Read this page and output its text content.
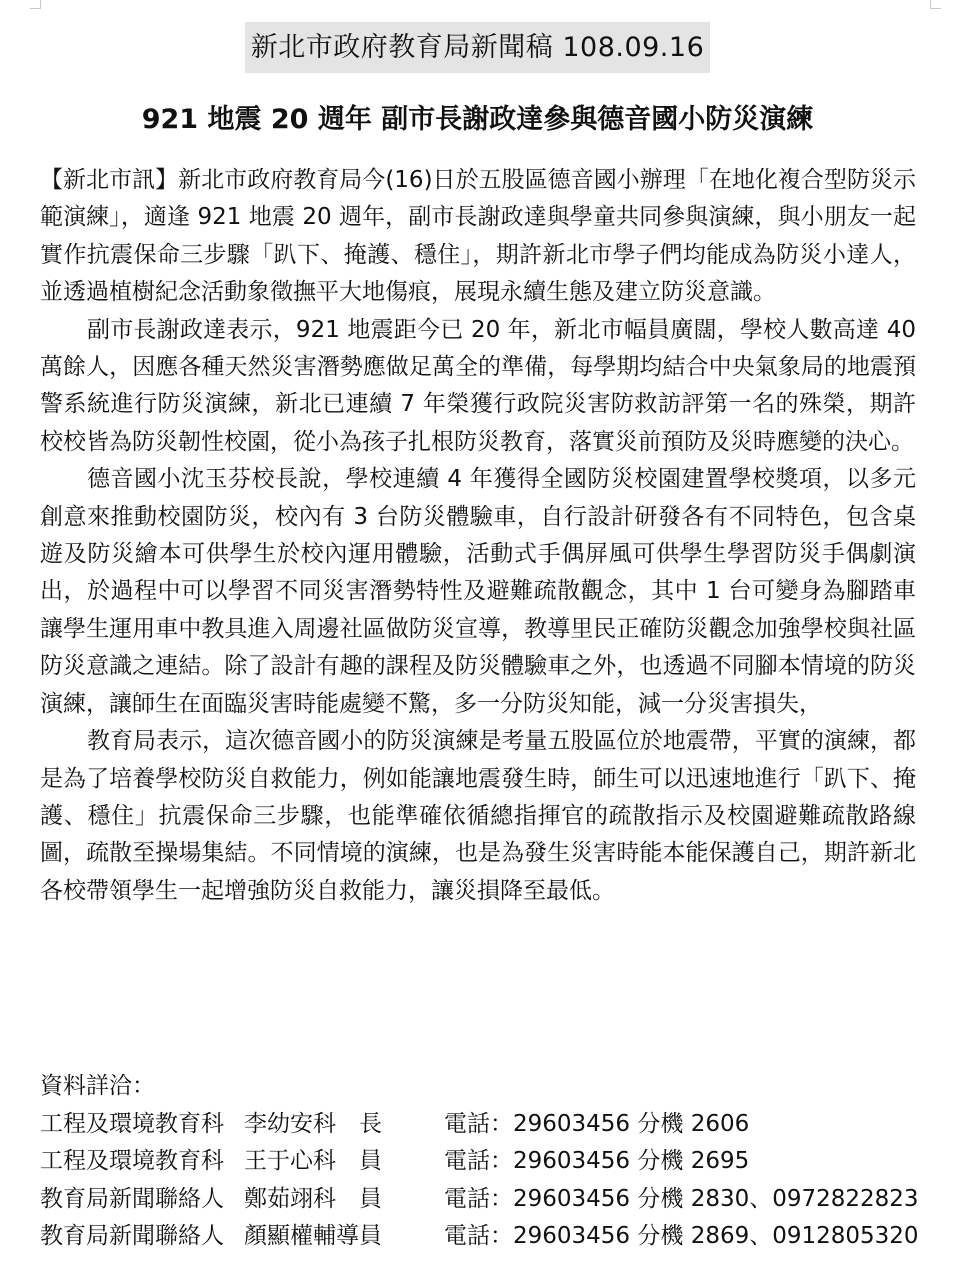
新北市政府教育局新聞稿 108.09.16
921 地震 20 週年 副市長謝政達參與德音國小防災演練

【新北市訊】新北市政府教育局今(16)日於五股區德音國小辦理「在地化複合型防災示範演練」，適逢 921 地震 20 週年，副市長謝政達與學童共同參與演練，與小朋友一起實作抗震保命三步驟「趴下、掩護、穩住」，期許新北市學子們均能成為防災小達人，並透過植樹紀念活動象徵撫平大地傷痕，展現永續生態及建立防災意識。

副市長謝政達表示，921 地震距今已 20 年，新北市幅員廣闊，學校人數高達 40 萬餘人，因應各種天然災害潛勢應做足萬全的準備，每學期均結合中央氣象局的地震預警系統進行防災演練，新北已連續 7 年榮獲行政院災害防救訪評第一名的殊榮，期許校校皆為防災韌性校園，從小為孩子扎根防災教育，落實災前預防及災時應變的決心。

德音國小沈玉芬校長說，學校連續 4 年獲得全國防災校園建置學校獎項，以多元創意來推動校園防災，校內有 3 台防災體驗車，自行設計研發各有不同特色，包含桌遊及防災繪本可供學生於校內運用體驗，活動式手偶屏風可供學生學習防災手偶劇演出，於過程中可以學習不同災害潛勢特性及避難疏散觀念，其中 1 台可變身為腳踏車讓學生運用車中教具進入周邊社區做防災宣導，教導里民正確防災觀念加強學校與社區防災意識之連結。除了設計有趣的課程及防災體驗車之外，也透過不同腳本情境的防災演練，讓師生在面臨災害時能處變不驚，多一分防災知能，減一分災害損失，

教育局表示，這次德音國小的防災演練是考量五股區位於地震帶，平實的演練，都是為了培養學校防災自救能力，例如能讓地震發生時，師生可以迅速地進行「趴下、掩護、穩住」抗震保命三步驟，也能準確依循總指揮官的疏散指示及校園避難疏散路線圖，疏散至操場集結。不同情境的演練，也是為發生災害時能本能保護自己，期許新北各校帶領學生一起增強防災自救能力，讓災損降至最低。

資料詳洽：
工程及環境教育科 李幼安科　長	電話：29603456 分機 2606
工程及環境教育科 王于心科　員	電話：29603456 分機 2695
教育局新聞聯絡人 鄭茹翊科　員	電話：29603456 分機 2830、0972822823
教育局新聞聯絡人 顏顯權輔導員	電話：29603456 分機 2869、0912805320
